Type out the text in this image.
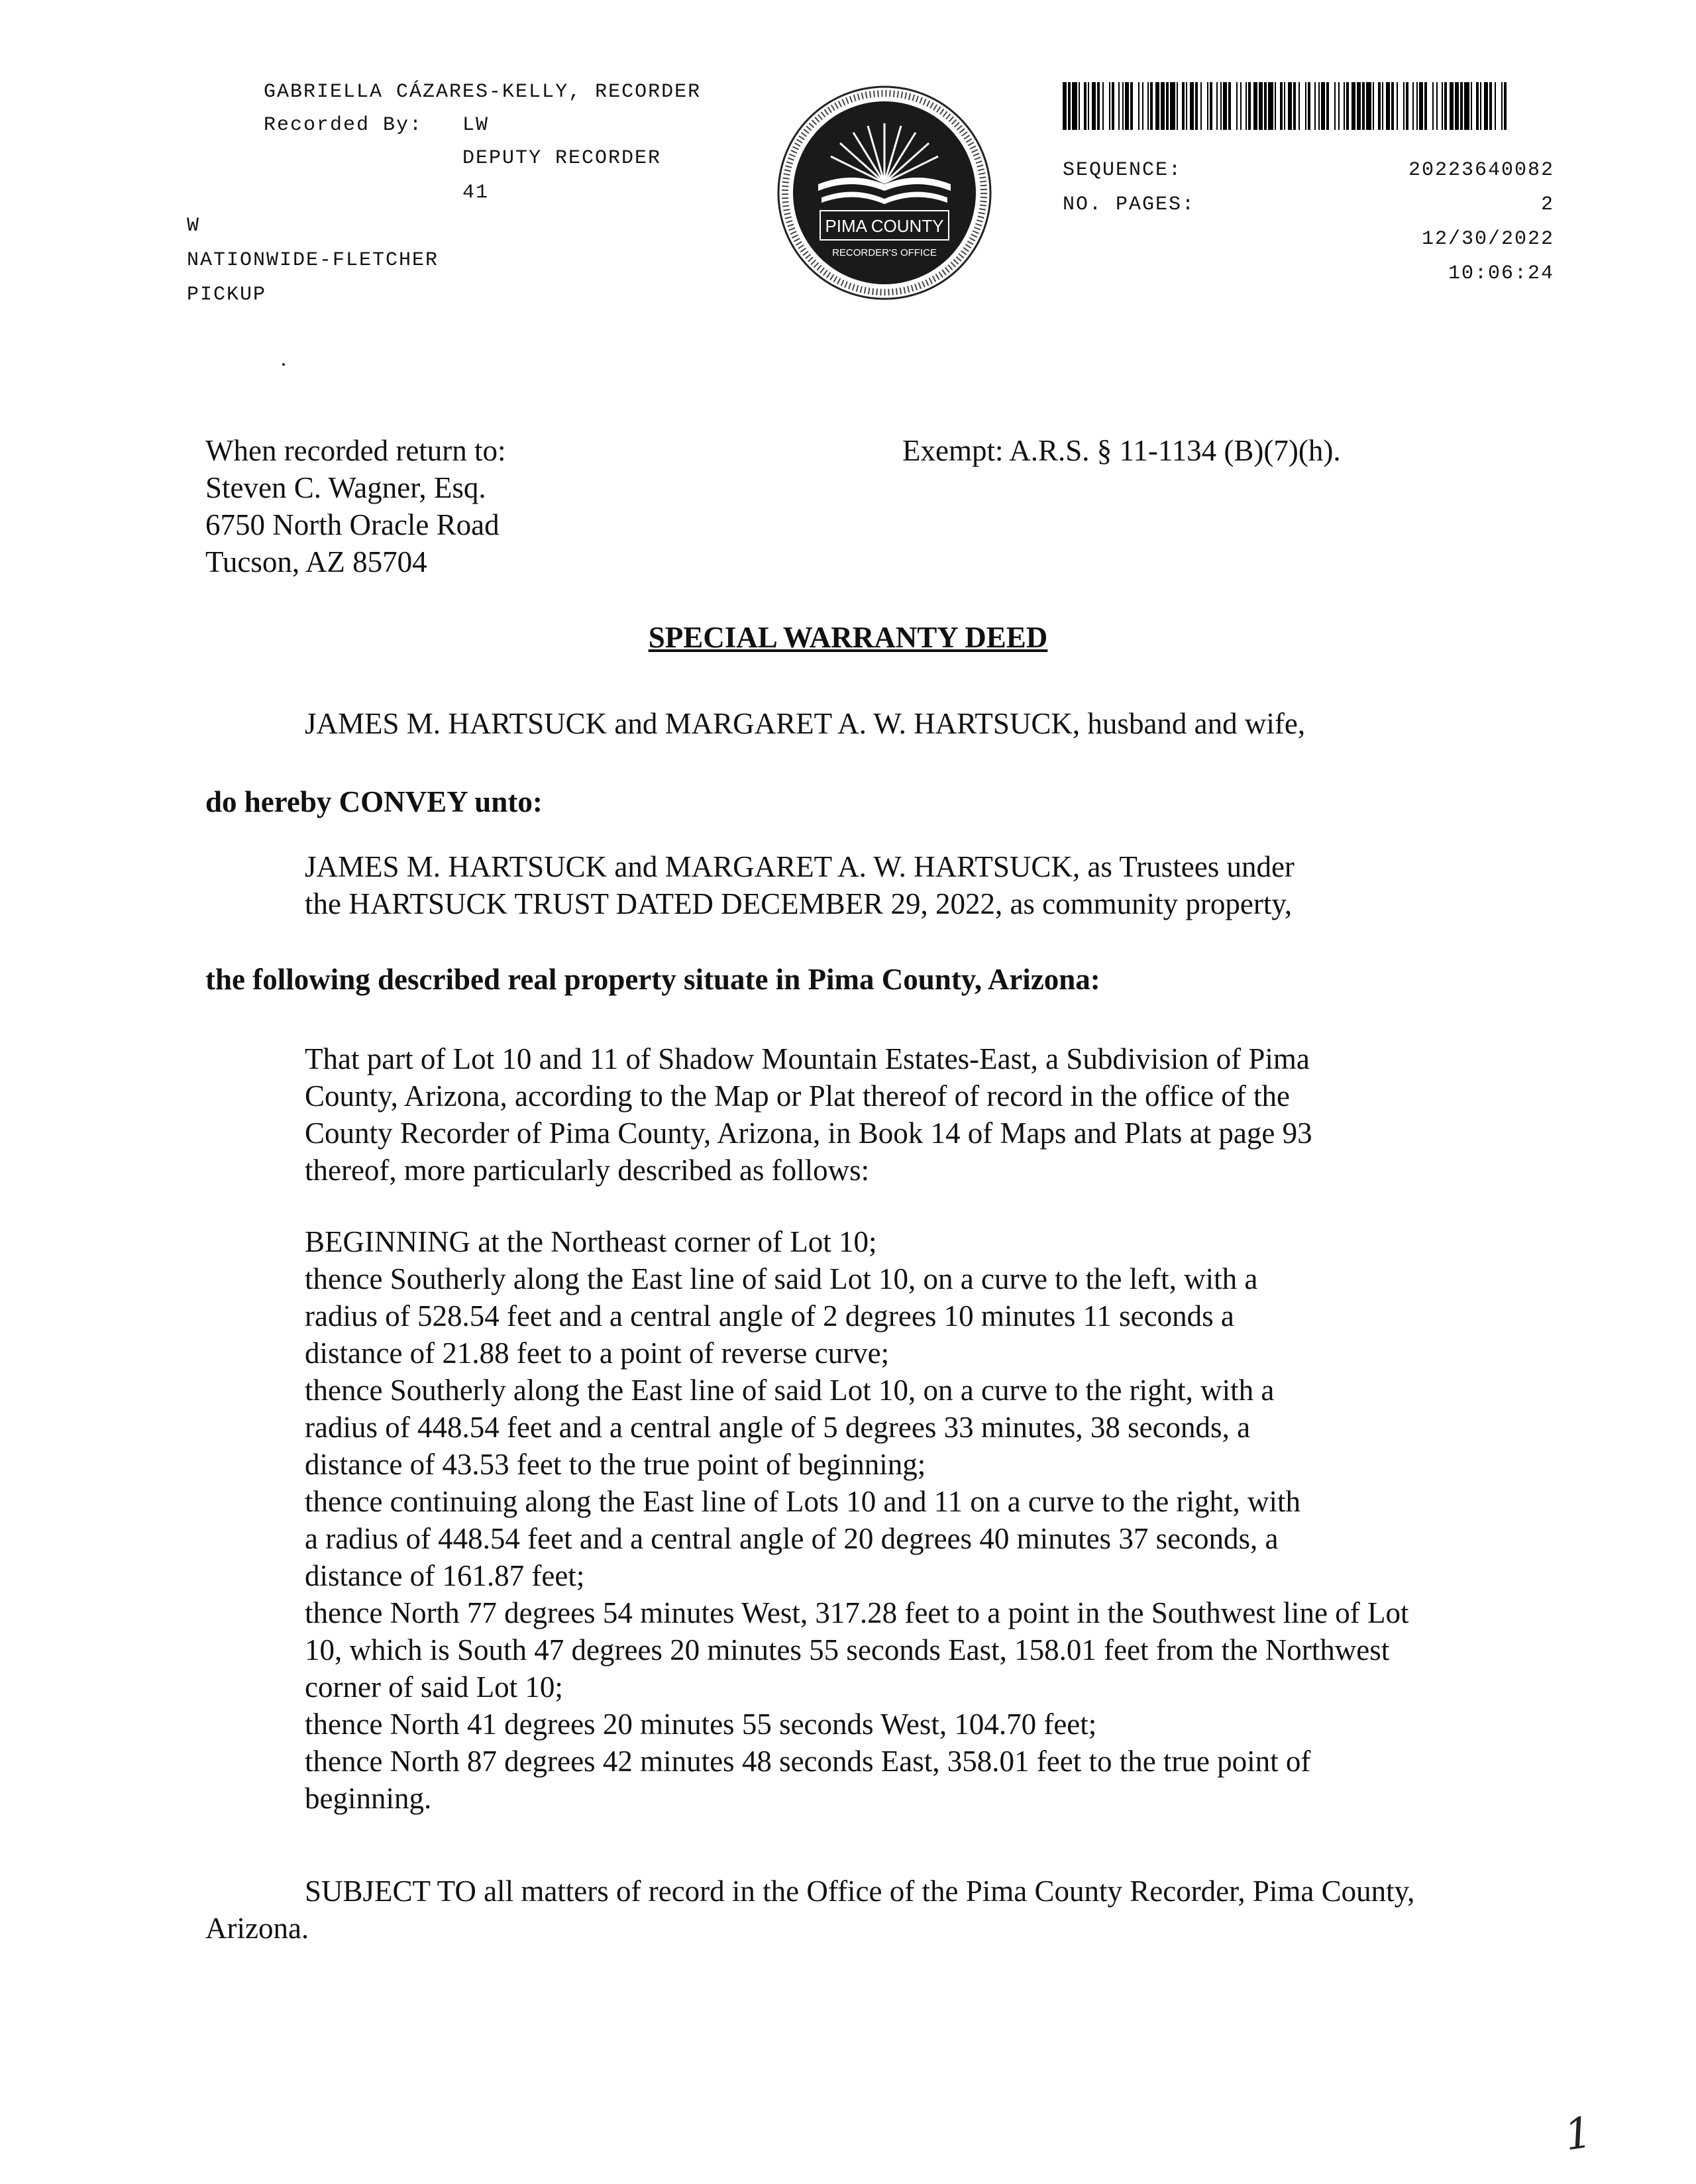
GABRIELLA CÁZARES-KELLY, RECORDER
Recorded By: LW
DEPUTY RECORDER
41
W
NATIONWIDE-FLETCHER
PICKUP
PIMA COUNTY
RECORDER'S OFFICE
SEQUENCE:	20223640082
NO. PAGES:	2
12/30/2022
10:06:24
When recorded return to:
Steven C. Wagner, Esq.
6750 North Oracle Road
Tucson, AZ 85704
Exempt: A.R.S. § 11-1134 (B)(7)(h).
SPECIAL WARRANTY DEED
JAMES M. HARTSUCK and MARGARET A. W. HARTSUCK, husband and wife,
do hereby CONVEY unto:
JAMES M. HARTSUCK and MARGARET A. W. HARTSUCK, as Trustees under
the HARTSUCK TRUST DATED DECEMBER 29, 2022, as community property,
the following described real property situate in Pima County, Arizona:
That part of Lot 10 and 11 of Shadow Mountain Estates-East, a Subdivision of Pima
County, Arizona, according to the Map or Plat thereof of record in the office of the
County Recorder of Pima County, Arizona, in Book 14 of Maps and Plats at page 93
thereof, more particularly described as follows:
BEGINNING at the Northeast corner of Lot 10;
thence Southerly along the East line of said Lot 10, on a curve to the left, with a
radius of 528.54 feet and a central angle of 2 degrees 10 minutes 11 seconds a
distance of 21.88 feet to a point of reverse curve;
thence Southerly along the East line of said Lot 10, on a curve to the right, with a
radius of 448.54 feet and a central angle of 5 degrees 33 minutes, 38 seconds, a
distance of 43.53 feet to the true point of beginning;
thence continuing along the East line of Lots 10 and 11 on a curve to the right, with
a radius of 448.54 feet and a central angle of 20 degrees 40 minutes 37 seconds, a
distance of 161.87 feet;
thence North 77 degrees 54 minutes West, 317.28 feet to a point in the Southwest line of Lot
10, which is South 47 degrees 20 minutes 55 seconds East, 158.01 feet from the Northwest
corner of said Lot 10;
thence North 41 degrees 20 minutes 55 seconds West, 104.70 feet;
thence North 87 degrees 42 minutes 48 seconds East, 358.01 feet to the true point of
beginning.
SUBJECT TO all matters of record in the Office of the Pima County Recorder, Pima County,
Arizona.
1
